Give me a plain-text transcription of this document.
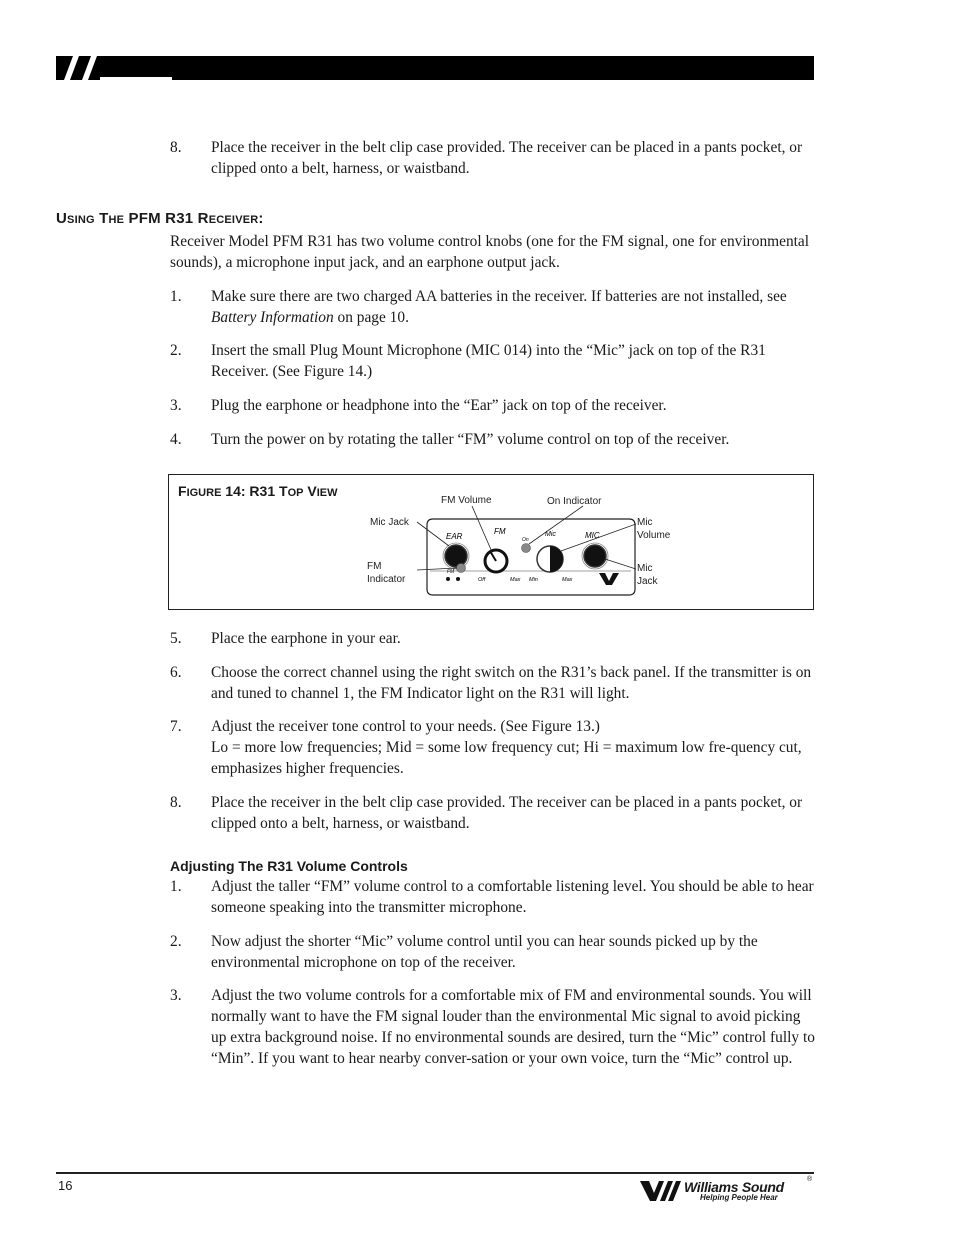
8.	Place the receiver in the belt clip case provided. The receiver can be placed in a pants pocket, or clipped onto a belt, harness, or waistband.
USING THE PFM R31 RECEIVER:
Receiver Model PFM R31 has two volume control knobs (one for the FM signal, one for environmental sounds), a microphone input jack, and an earphone output jack.
1.	Make sure there are two charged AA batteries in the receiver. If batteries are not installed, see Battery Information on page 10.
2.	Insert the small Plug Mount Microphone (MIC 014) into the “Mic” jack on top of the R31 Receiver. (See Figure 14.)
3.	Plug the earphone or headphone into the “Ear” jack on top of the receiver.
4.	Turn the power on by rotating the taller “FM” volume control on top of the receiver.
FIGURE 14: R31 TOP VIEW
EAR
FM
On
Mic	MIC
FM
Off	Max Min	Max
FM Volume	On Indicator
Mic Jack	Mic
Volume
FM
Indicator
Mic
Jack
5.	Place the earphone in your ear.
6.	Choose the correct channel using the right switch on the R31’s back panel. If the transmitter is on and tuned to channel 1, the FM Indicator light on the R31 will light.
7.	Adjust the receiver tone control to your needs. (See Figure 13.)
Lo = more low frequencies; Mid = some low frequency cut; Hi = maximum low fre-quency cut, emphasizes higher frequencies.
8.	Place the receiver in the belt clip case provided. The receiver can be placed in a pants pocket, or clipped onto a belt, harness, or waistband.
Adjusting The R31 Volume Controls
1.	Adjust the taller “FM” volume control to a comfortable listening level. You should be able to hear someone speaking into the transmitter microphone.
2.	Now adjust the shorter “Mic” volume control until you can hear sounds picked up by the environmental microphone on top of the receiver.
3.	Adjust the two volume controls for a comfortable mix of FM and environmental sounds. You will normally want to have the FM signal louder than the environmental Mic signal to avoid picking up extra background noise. If no environmental sounds are desired, turn the “Mic” control fully to “Min”. If you want to hear nearby conver-sation or your own voice, turn the “Mic” control up.
16	Williams Sound	®
Helping People Hear
